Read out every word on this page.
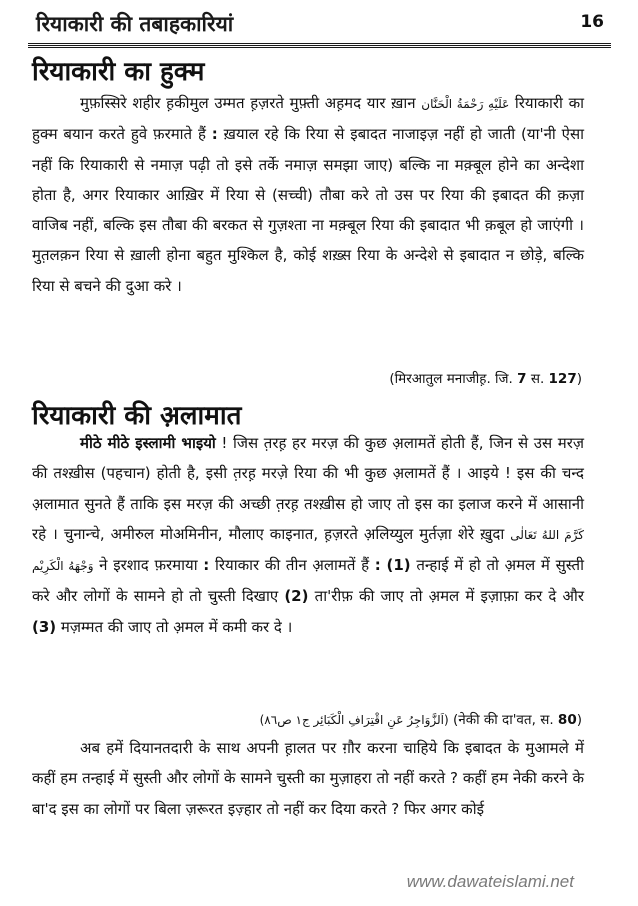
रियाकारी की तबाहकारियां	16
रियाकारी का हुक्म
मुफ़स्सिरे शहीर ह़कीमुल उम्मत ह़ज़रते मुफ़्ती अह़मद यार ख़ान عَلَيْهِ رَحْمَةُ الْحَنَّان रियाकारी का हुक्म बयान करते हुवे फ़रमाते हैं : ख़याल रहे कि रिया से इबादत नाजाइज़ नहीं हो जाती (या'नी ऐसा नहीं कि रियाकारी से नमाज़ पढ़ी तो इसे तर्के नमाज़ समझा जाए) बल्कि ना मक़्बूल होने का अन्देशा होता है, अगर रियाकार आख़िर में रिया से (सच्ची) तौबा करे तो उस पर रिया की इबादत की क़ज़ा वाजिब नहीं, बल्कि इस तौबा की बरकत से गुज़श्ता ना मक़्बूल रिया की इबादात भी क़बूल हो जाएंगी । मुत़लक़न रिया से ख़ाली होना बहुत मुश्किल है, कोई शख़्स रिया के अन्देशे से इबादात न छोड़े, बल्कि रिया से बचने की दुआ करे ।
(मिरआतुल मनाजीह़. जि. 7 स. 127)
रियाकारी की अ़लामात
मीठे मीठे इस्लामी भाइयो ! जिस त़रह़ हर मरज़ की कुछ अ़लामतें होती हैं, जिन से उस मरज़ की तश्ख़ीस (पहचान) होती है, इसी त़रह़ मरज़े रिया की भी कुछ अ़लामतें हैं । आइये ! इस की चन्द अ़लामात सुनते हैं ताकि इस मरज़ की अच्छी त़रह़ तश्ख़ीस हो जाए तो इस का इलाज करने में आसानी रहे । चुनान्चे, अमीरुल मोअमिनीन, मौलाए काइनात, ह़ज़रते अ़लिय्युल मुर्तज़ा शेरे ख़ुदा كَرَّمَ اللهُ تَعَالٰى وَجْهَهُ الْكَرِيْم ने इरशाद फ़रमाया : रियाकार की तीन अ़लामतें हैं : (1) तन्हाई में हो तो अ़मल में सुस्ती करे और लोगों के सामने हो तो चुस्ती दिखाए (2) ता'रीफ़ की जाए तो अ़मल में इज़ाफ़ा कर दे और (3) मज़म्मत की जाए तो अ़मल में कमी कर दे ।
(اَلزَّوَاجِرُ عَنِ اقْتِرَافِ الْكَبَائِر ج١ ص٨٦) (नेकी की दा'वत, स. 80)
अब हमें दियानतदारी के साथ अपनी ह़ालत पर ग़ौर करना चाहिये कि इबादत के मुआमले में कहीं हम तन्हाई में सुस्ती और लोगों के सामने चुस्ती का मुज़ाहरा तो नहीं करते ? कहीं हम नेकी करने के बा'द इस का लोगों पर बिला ज़रूरत इज़्हार तो नहीं कर दिया करते ? फिर अगर कोई
www.dawateislami.net
